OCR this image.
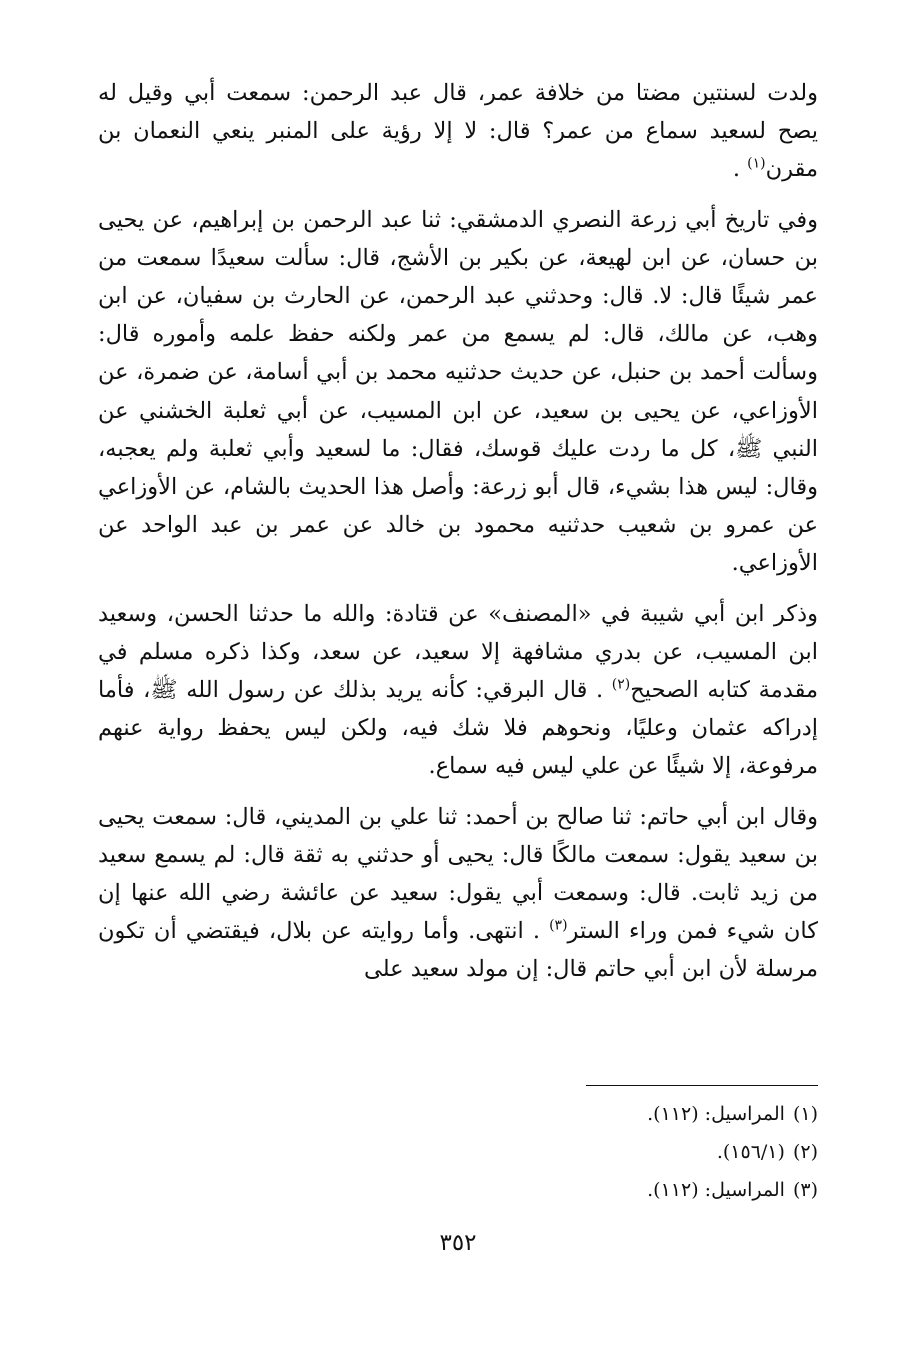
ولدت لسنتين مضتا من خلافة عمر، قال عبد الرحمن: سمعت أبي وقيل له يصح لسعيد سماع من عمر؟ قال: لا إلا رؤية على المنبر ينعي النعمان بن مقرن$^{(١)}$ .

وفي تاريخ أبي زرعة النصري الدمشقي: ثنا عبد الرحمن بن إبراهيم، عن يحيى بن حسان، عن ابن لهيعة، عن بكير بن الأشج، قال: سألت سعيدًا سمعت من عمر شيئًا قال: لا. قال: وحدثني عبد الرحمن، عن الحارث بن سفيان، عن ابن وهب، عن مالك، قال: لم يسمع من عمر ولكنه حفظ علمه وأموره قال: وسألت أحمد بن حنبل، عن حديث حدثنيه محمد بن أبي أسامة، عن ضمرة، عن الأوزاعي، عن يحيى بن سعيد، عن ابن المسيب، عن أبي ثعلبة الخشني عن النبي ﷺ، كل ما ردت عليك قوسك، فقال: ما لسعيد وأبي ثعلبة ولم يعجبه، وقال: ليس هذا بشيء، قال أبو زرعة: وأصل هذا الحديث بالشام، عن الأوزاعي عن عمرو بن شعيب حدثنيه محمود بن خالد عن عمر بن عبد الواحد عن الأوزاعي.

وذكر ابن أبي شيبة في «المصنف» عن قتادة: والله ما حدثنا الحسن، وسعيد ابن المسيب، عن بدري مشافهة إلا سعيد، عن سعد، وكذا ذكره مسلم في مقدمة كتابه الصحيح$^{(٢)}$ . قال البرقي: كأنه يريد بذلك عن رسول الله ﷺ، فأما إدراكه عثمان وعليًا، ونحوهم فلا شك فيه، ولكن ليس يحفظ رواية عنهم مرفوعة، إلا شيئًا عن علي ليس فيه سماع.

وقال ابن أبي حاتم: ثنا صالح بن أحمد: ثنا علي بن المديني، قال: سمعت يحيى بن سعيد يقول: سمعت مالكًا قال: يحيى أو حدثني به ثقة قال: لم يسمع سعيد من زيد ثابت. قال: وسمعت أبي يقول: سعيد عن عائشة رضي الله عنها إن كان شيء فمن وراء الستر$^{(٣)}$ . انتهى. وأما روايته عن بلال، فيقتضي أن تكون مرسلة لأن ابن أبي حاتم قال: إن مولد سعيد على

(١)المراسيل: (١١٢).

(٢)(١٥٦/١).

(٣)المراسيل: (١١٢).

٣٥٢
